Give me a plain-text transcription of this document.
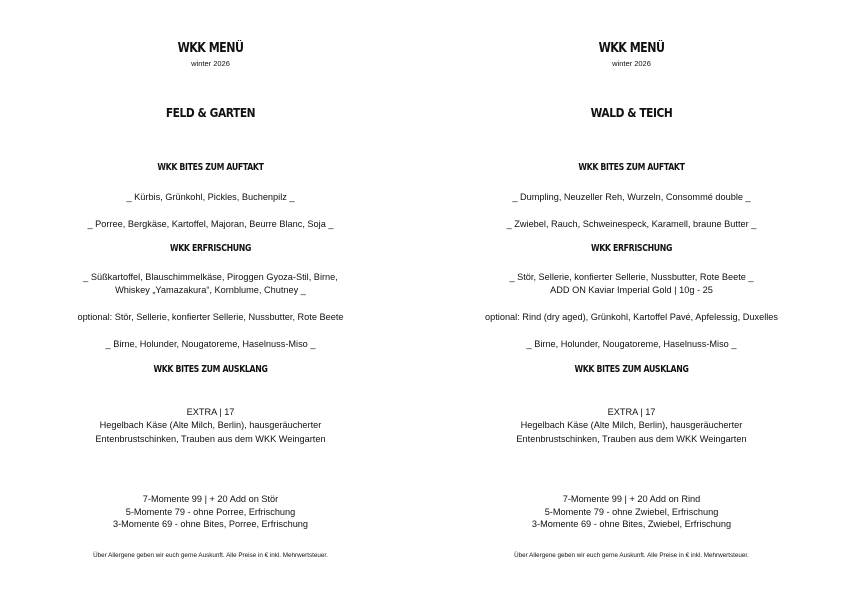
WKK MENÜ
winter 2026
FELD & GARTEN
WKK BITES ZUM AUFTAKT
_ Kürbis, Grünkohl, Pickles, Buchenpilz _
_ Porree, Bergkäse, Kartoffel, Majoran, Beurre Blanc, Soja _
WKK ERFRISCHUNG
_ Süßkartoffel, Blauschimmelkäse, Piroggen Gyoza-Stil, Birne,
Whiskey „Yamazakura“, Kornblume, Chutney _
optional: Stör, Sellerie, konfierter Sellerie, Nussbutter, Rote Beete
_ Birne, Holunder, Nougatoreme, Haselnuss-Miso _
WKK BITES ZUM AUSKLANG
EXTRA | 17
Hegelbach Käse (Alte Milch, Berlin), hausgeräucherter
Entenbrustschinken, Trauben aus dem WKK Weingarten
7-Momente 99 | + 20 Add on Stör
5-Momente 79 - ohne Porree, Erfrischung
3-Momente 69 - ohne Bites, Porree, Erfrischung
Über Allergene geben wir euch gerne Auskunft. Alle Preise in € inkl. Mehrwertsteuer.
WKK MENÜ
winter 2026
WALD & TEICH
WKK BITES ZUM AUFTAKT
_ Dumpling, Neuzeller Reh, Wurzeln, Consommé double _
_ Zwiebel, Rauch, Schweinespeck, Karamell, braune Butter _
WKK ERFRISCHUNG
_ Stör, Sellerie, konfierter Sellerie, Nussbutter, Rote Beete _
ADD ON Kaviar Imperial Gold | 10g - 25
optional: Rind (dry aged), Grünkohl, Kartoffel Pavé, Apfelessig, Duxelles
_ Birne, Holunder, Nougatoreme, Haselnuss-Miso _
WKK BITES ZUM AUSKLANG
EXTRA | 17
Hegelbach Käse (Alte Milch, Berlin), hausgeräucherter
Entenbrustschinken, Trauben aus dem WKK Weingarten
7-Momente 99 | + 20 Add on Rind
5-Momente 79 - ohne Zwiebel, Erfrischung
3-Momente 69 - ohne Bites, Zwiebel, Erfrischung
Über Allergene geben wir euch gerne Auskunft. Alle Preise in € inkl. Mehrwertsteuer.
